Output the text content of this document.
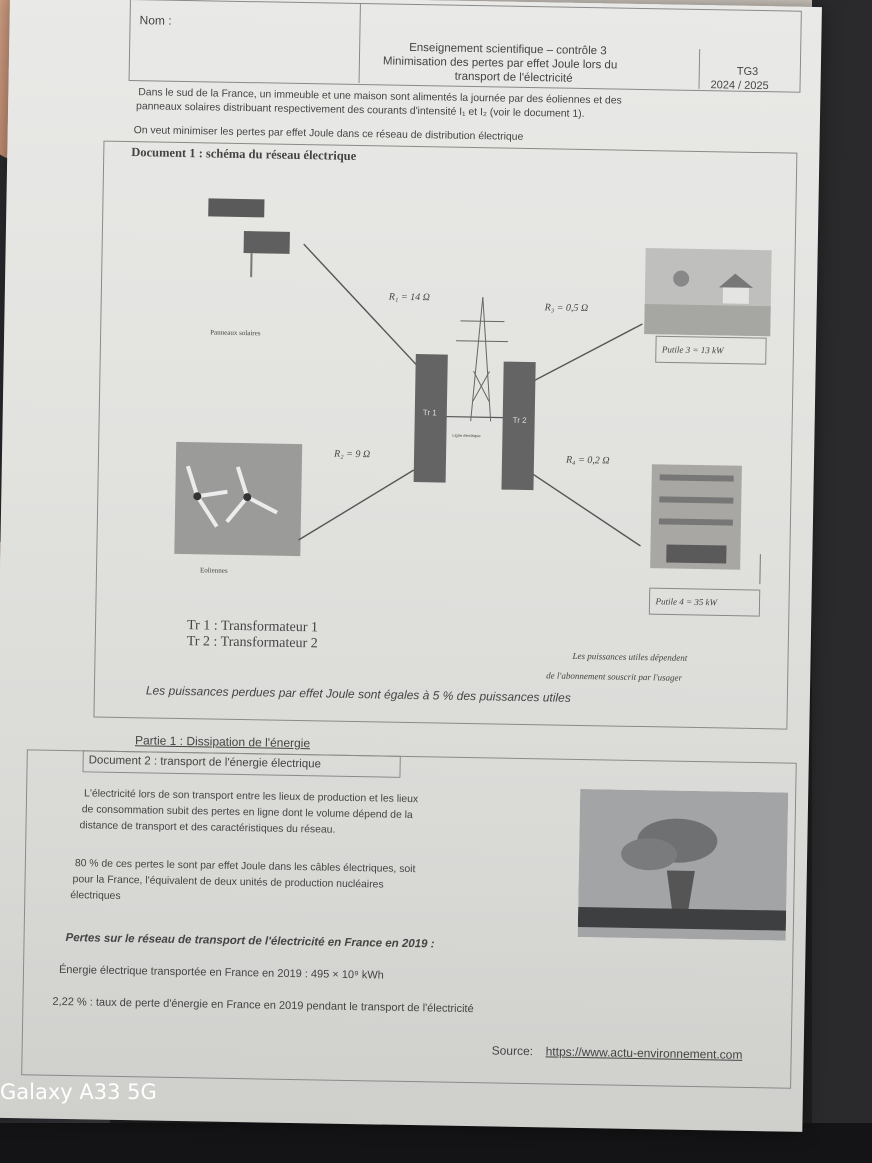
Nom :
Enseignement scientifique – contrôle 3
Minimisation des pertes par effet Joule lors du
transport de l'électricité	TG3
2024 / 2025
Dans le sud de la France, un immeuble et une maison sont alimentés la journée par des éoliennes et des
panneaux solaires distribuant respectivement des courants d'intensité I₁ et I₂ (voir le document 1).
On veut minimiser les pertes par effet Joule dans ce réseau de distribution électrique
Document 1 : schéma du réseau électrique
Panneaux solaires
Eoliennes
R₁ = 14 Ω
R₂ = 9 Ω
R₃ = 0,5 Ω
R₄ = 0,2 Ω
Tr 1
Tr 2
Ligne électrique
Putile 3 = 13 kW
Putile 4 = 35 kW
Tr 1 : Transformateur 1
Tr 2 : Transformateur 2
Les puissances utiles dépendent
de l'abonnement souscrit par l'usager
Les puissances perdues par effet Joule sont égales à 5 % des puissances utiles
Partie 1 : Dissipation de l'énergie
Document 2 : transport de l'énergie électrique
L'électricité lors de son transport entre les lieux de production et les lieux
de consommation subit des pertes en ligne dont le volume dépend de la
distance de transport et des caractéristiques du réseau.
80 % de ces pertes le sont par effet Joule dans les câbles électriques, soit
pour la France, l'équivalent de deux unités de production nucléaires
électriques
Pertes sur le réseau de transport de l'électricité en France en 2019 :
Énergie électrique transportée en France en 2019 : 495 × 10⁹ kWh
2,22 % : taux de perte d'énergie en France en 2019 pendant le transport de l'électricité
Source: https://www.actu-environnement.com
Galaxy A33 5G
